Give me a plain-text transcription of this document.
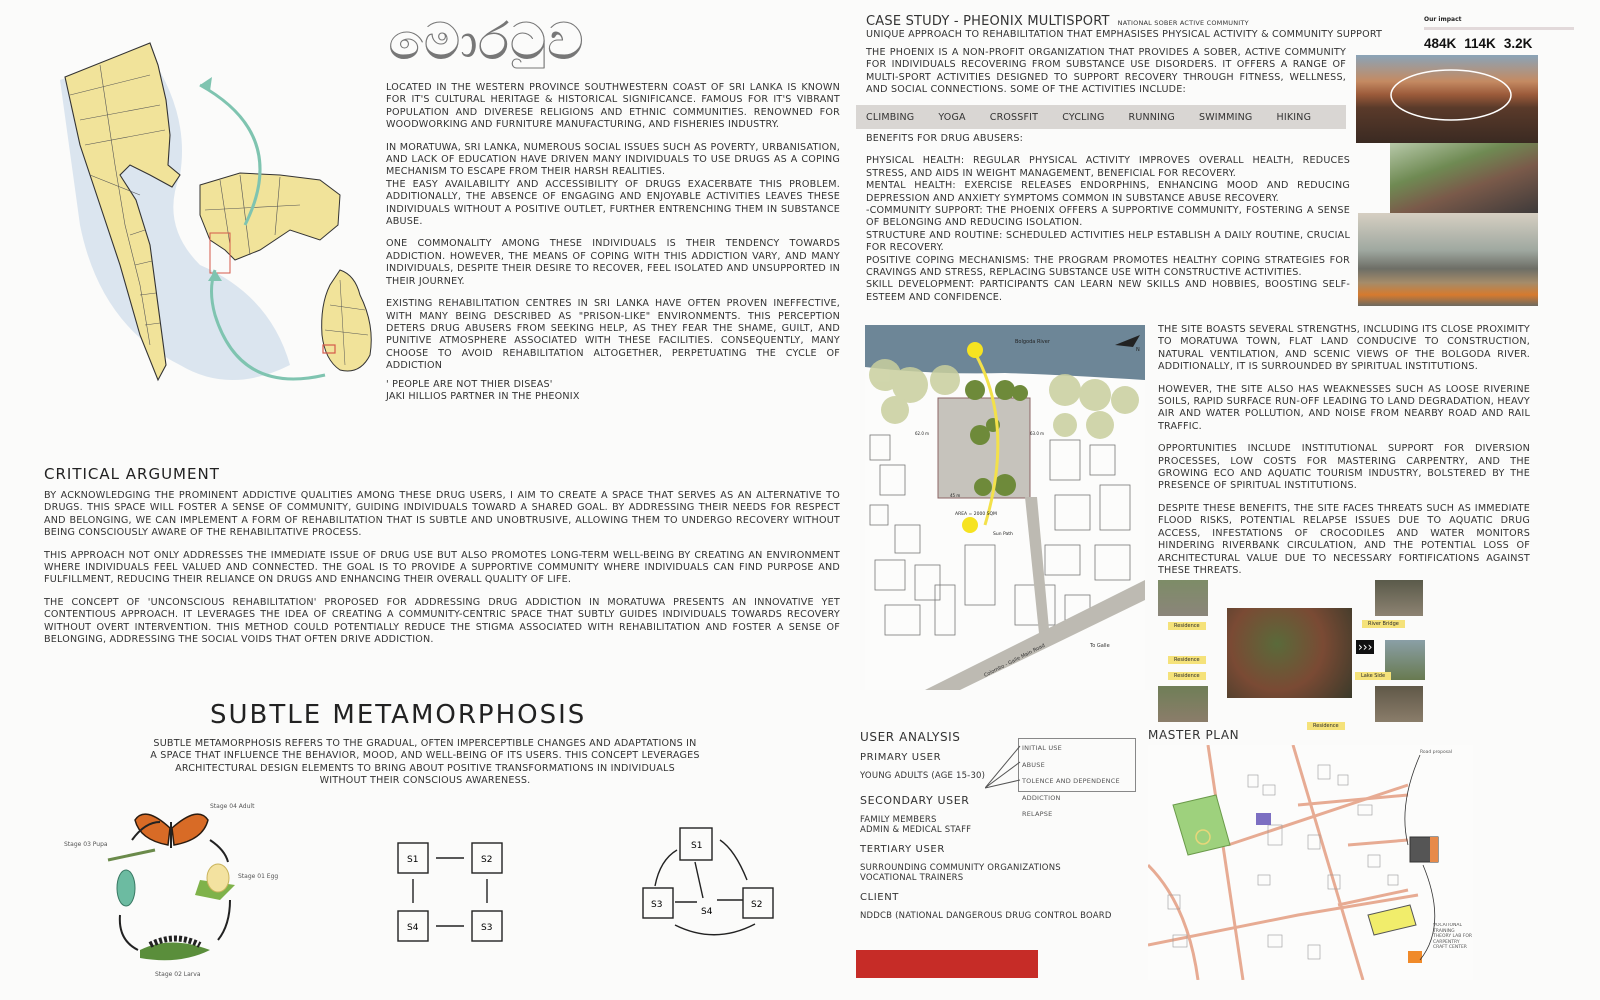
මොරටුව

LOCATED IN THE WESTERN PROVINCE SOUTHWESTERN COAST OF SRI LANKA IS KNOWN FOR IT'S CULTURAL HERITAGE & HISTORICAL SIGNIFICANCE. FAMOUS FOR IT'S VIBRANT POPULATION AND DIVERESE RELIGIONS AND ETHNIC COMMUNITIES. RENOWNED FOR WOODWORKING AND FURNITURE MANUFACTURING, AND FISHERIES INDUSTRY.

IN MORATUWA, SRI LANKA, NUMEROUS SOCIAL ISSUES SUCH AS POVERTY, URBANISATION, AND LACK OF EDUCATION HAVE DRIVEN MANY INDIVIDUALS TO USE DRUGS AS A COPING MECHANISM TO ESCAPE FROM THEIR HARSH REALITIES.

THE EASY AVAILABILITY AND ACCESSIBILITY OF DRUGS EXACERBATE THIS PROBLEM. ADDITIONALLY, THE ABSENCE OF ENGAGING AND ENJOYABLE ACTIVITIES LEAVES THESE INDIVIDUALS WITHOUT A POSITIVE OUTLET, FURTHER ENTRENCHING THEM IN SUBSTANCE ABUSE.

ONE COMMONALITY AMONG THESE INDIVIDUALS IS THEIR TENDENCY TOWARDS ADDICTION. HOWEVER, THE MEANS OF COPING WITH THIS ADDICTION VARY, AND MANY INDIVIDUALS, DESPITE THEIR DESIRE TO RECOVER, FEEL ISOLATED AND UNSUPPORTED IN THEIR JOURNEY.

EXISTING REHABILITATION CENTRES IN SRI LANKA HAVE OFTEN PROVEN INEFFECTIVE, WITH MANY BEING DESCRIBED AS "PRISON-LIKE" ENVIRONMENTS. THIS PERCEPTION DETERS DRUG ABUSERS FROM SEEKING HELP, AS THEY FEAR THE SHAME, GUILT, AND PUNITIVE ATMOSPHERE ASSOCIATED WITH THESE FACILITIES. CONSEQUENTLY, MANY CHOOSE TO AVOID REHABILITATION ALTOGETHER, PERPETUATING THE CYCLE OF ADDICTION

' PEOPLE ARE NOT THIER DISEAS'
JAKI HILLIOS PARTNER IN THE PHEONIX
CRITICAL ARGUMENT

BY ACKNOWLEDGING THE PROMINENT ADDICTIVE QUALITIES AMONG THESE DRUG USERS, I AIM TO CREATE A SPACE THAT SERVES AS AN ALTERNATIVE TO DRUGS. THIS SPACE WILL FOSTER A SENSE OF COMMUNITY, GUIDING INDIVIDUALS TOWARD A SHARED GOAL. BY ADDRESSING THEIR NEEDS FOR RESPECT AND BELONGING, WE CAN IMPLEMENT A FORM OF REHABILITATION THAT IS SUBTLE AND UNOBTRUSIVE, ALLOWING THEM TO UNDERGO RECOVERY WITHOUT BEING CONSCIOUSLY AWARE OF THE REHABILITATIVE PROCESS.

THIS APPROACH NOT ONLY ADDRESSES THE IMMEDIATE ISSUE OF DRUG USE BUT ALSO PROMOTES LONG-TERM WELL-BEING BY CREATING AN ENVIRONMENT WHERE INDIVIDUALS FEEL VALUED AND CONNECTED. THE GOAL IS TO PROVIDE A SUPPORTIVE COMMUNITY WHERE INDIVIDUALS CAN FIND PURPOSE AND FULFILLMENT, REDUCING THEIR RELIANCE ON DRUGS AND ENHANCING THEIR OVERALL QUALITY OF LIFE.

THE CONCEPT OF 'UNCONSCIOUS REHABILITATION' PROPOSED FOR ADDRESSING DRUG ADDICTION IN MORATUWA PRESENTS AN INNOVATIVE YET CONTENTIOUS APPROACH. IT LEVERAGES THE IDEA OF CREATING A COMMUNITY-CENTRIC SPACE THAT SUBTLY GUIDES INDIVIDUALS TOWARDS RECOVERY WITHOUT OVERT INTERVENTION. THIS METHOD COULD POTENTIALLY REDUCE THE STIGMA ASSOCIATED WITH REHABILITATION AND FOSTER A SENSE OF BELONGING, ADDRESSING THE SOCIAL VOIDS THAT OFTEN DRIVE ADDICTION.

SUBTLE METAMORPHOSIS
SUBTLE METAMORPHOSIS REFERS TO THE GRADUAL, OFTEN IMPERCEPTIBLE CHANGES AND ADAPTATIONS IN A SPACE THAT INFLUENCE THE BEHAVIOR, MOOD, AND WELL-BEING OF ITS USERS. THIS CONCEPT LEVERAGES ARCHITECTURAL DESIGN ELEMENTS TO BRING ABOUT POSITIVE TRANSFORMATIONS IN INDIVIDUALS WITHOUT THEIR CONSCIOUS AWARENESS.
Stage 04 Adult
Stage 01 Egg
Stage 02 Larva
Stage 03 Pupa
S1	S2
S3
S4
S1
S2
S3
S4
CASE STUDY - PHEONIX MULTISPORT NATIONAL SOBER ACTIVE COMMUNITY
UNIQUE APPROACH TO REHABILITATION THAT EMPHASISES PHYSICAL ACTIVITY & COMMUNITY SUPPORT
THE PHOENIX IS A NON-PROFIT ORGANIZATION THAT PROVIDES A SOBER, ACTIVE COMMUNITY FOR INDIVIDUALS RECOVERING FROM SUBSTANCE USE DISORDERS. IT OFFERS A RANGE OF MULTI-SPORT ACTIVITIES DESIGNED TO SUPPORT RECOVERY THROUGH FITNESS, WELLNESS, AND SOCIAL CONNECTIONS. SOME OF THE ACTIVITIES INCLUDE:
CLIMBING	YOGA	CROSSFIT	CYCLING	RUNNING	SWIMMING	HIKING

BENEFITS FOR DRUG ABUSERS:

PHYSICAL HEALTH: REGULAR PHYSICAL ACTIVITY IMPROVES OVERALL HEALTH, REDUCES STRESS, AND AIDS IN WEIGHT MANAGEMENT, BENEFICIAL FOR RECOVERY.

MENTAL HEALTH: EXERCISE RELEASES ENDORPHINS, ENHANCING MOOD AND REDUCING DEPRESSION AND ANXIETY SYMPTOMS COMMON IN SUBSTANCE ABUSE RECOVERY.

-COMMUNITY SUPPORT: THE PHOENIX OFFERS A SUPPORTIVE COMMUNITY, FOSTERING A SENSE OF BELONGING AND REDUCING ISOLATION.

STRUCTURE AND ROUTINE: SCHEDULED ACTIVITIES HELP ESTABLISH A DAILY ROUTINE, CRUCIAL FOR RECOVERY.

POSITIVE COPING MECHANISMS: THE PROGRAM PROMOTES HEALTHY COPING STRATEGIES FOR CRAVINGS AND STRESS, REPLACING SUBSTANCE USE WITH CONSTRUCTIVE ACTIVITIES.

SKILL DEVELOPMENT: PARTICIPANTS CAN LEARN NEW SKILLS AND HOBBIES, BOOSTING SELF-ESTEEM AND CONFIDENCE.

Our impact
484K 114K 3.2K
Bolgoda River
N
Sun Path
AREA = 2000 SQM
62.0 m	63.0 m
45 m
Colombo - Galle Main Road	To Galle

THE SITE BOASTS SEVERAL STRENGTHS, INCLUDING ITS CLOSE PROXIMITY TO MORATUWA TOWN, FLAT LAND CONDUCIVE TO CONSTRUCTION, NATURAL VENTILATION, AND SCENIC VIEWS OF THE BOLGODA RIVER. ADDITIONALLY, IT IS SURROUNDED BY SPIRITUAL INSTITUTIONS.

HOWEVER, THE SITE ALSO HAS WEAKNESSES SUCH AS LOOSE RIVERINE SOILS, RAPID SURFACE RUN-OFF LEADING TO LAND DEGRADATION, HEAVY AIR AND WATER POLLUTION, AND NOISE FROM NEARBY ROAD AND RAIL TRAFFIC.

OPPORTUNITIES INCLUDE INSTITUTIONAL SUPPORT FOR DIVERSION PROCESSES, LOW COSTS FOR MASTERING CARPENTRY, AND THE GROWING ECO AND AQUATIC TOURISM INDUSTRY, BOLSTERED BY THE PRESENCE OF SPIRITUAL INSTITUTIONS.

DESPITE THESE BENEFITS, THE SITE FACES THREATS SUCH AS IMMEDIATE FLOOD RISKS, POTENTIAL RELAPSE ISSUES DUE TO AQUATIC DRUG ACCESS, INFESTATIONS OF CROCODILES AND WATER MONITORS HINDERING RIVERBANK CIRCULATION, AND THE POTENTIAL LOSS OF ARCHITECTURAL VALUE DUE TO NECESSARY FORTIFICATIONS AGAINST THESE THREATS.

›››
Residence
Residence
Residence
Residence
River Bridge
Lake Side
USER ANALYSIS
PRIMARY USER
YOUNG ADULTS (AGE 15-30)
SECONDARY USER
FAMILY MEMBERS
ADMIN & MEDICAL STAFF
TERTIARY USER
SURROUNDING COMMUNITY ORGANIZATIONS
VOCATIONAL TRAINERS
CLIENT
NDDCB (NATIONAL DANGEROUS DRUG CONTROL BOARD
INITIAL USE
ABUSE
TOLENCE AND DEPENDENCE
ADDICTION
RELAPSE
MASTER PLAN
Road proposal
VOCATIONAL TRAINING THEORY LAB FOR CARPENTRY CRAFT CENTER
